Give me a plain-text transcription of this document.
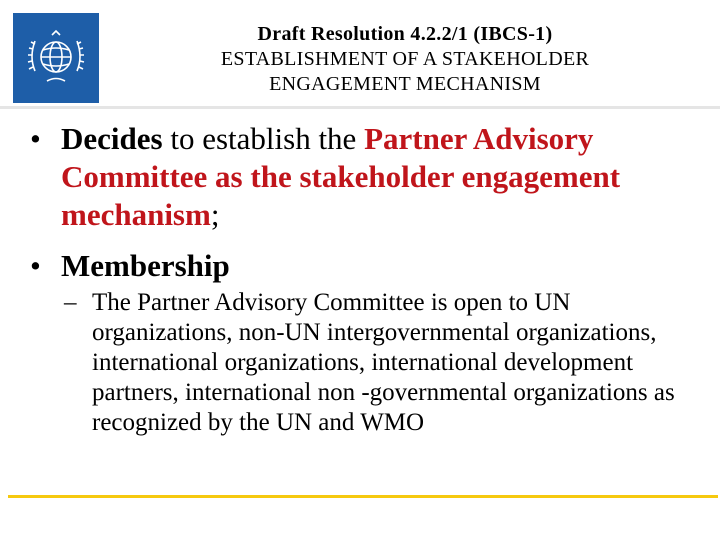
Draft Resolution 4.2.2/1 (IBCS-1)
ESTABLISHMENT OF A STAKEHOLDER
ENGAGEMENT MECHANISM
• Decides to establish the Partner Advisory Committee as the stakeholder engagement mechanism;
• Membership
– The Partner Advisory Committee is open to UN organizations, non-UN intergovernmental organizations, international organizations, international development partners, international non -governmental organizations as recognized by the UN and WMO
